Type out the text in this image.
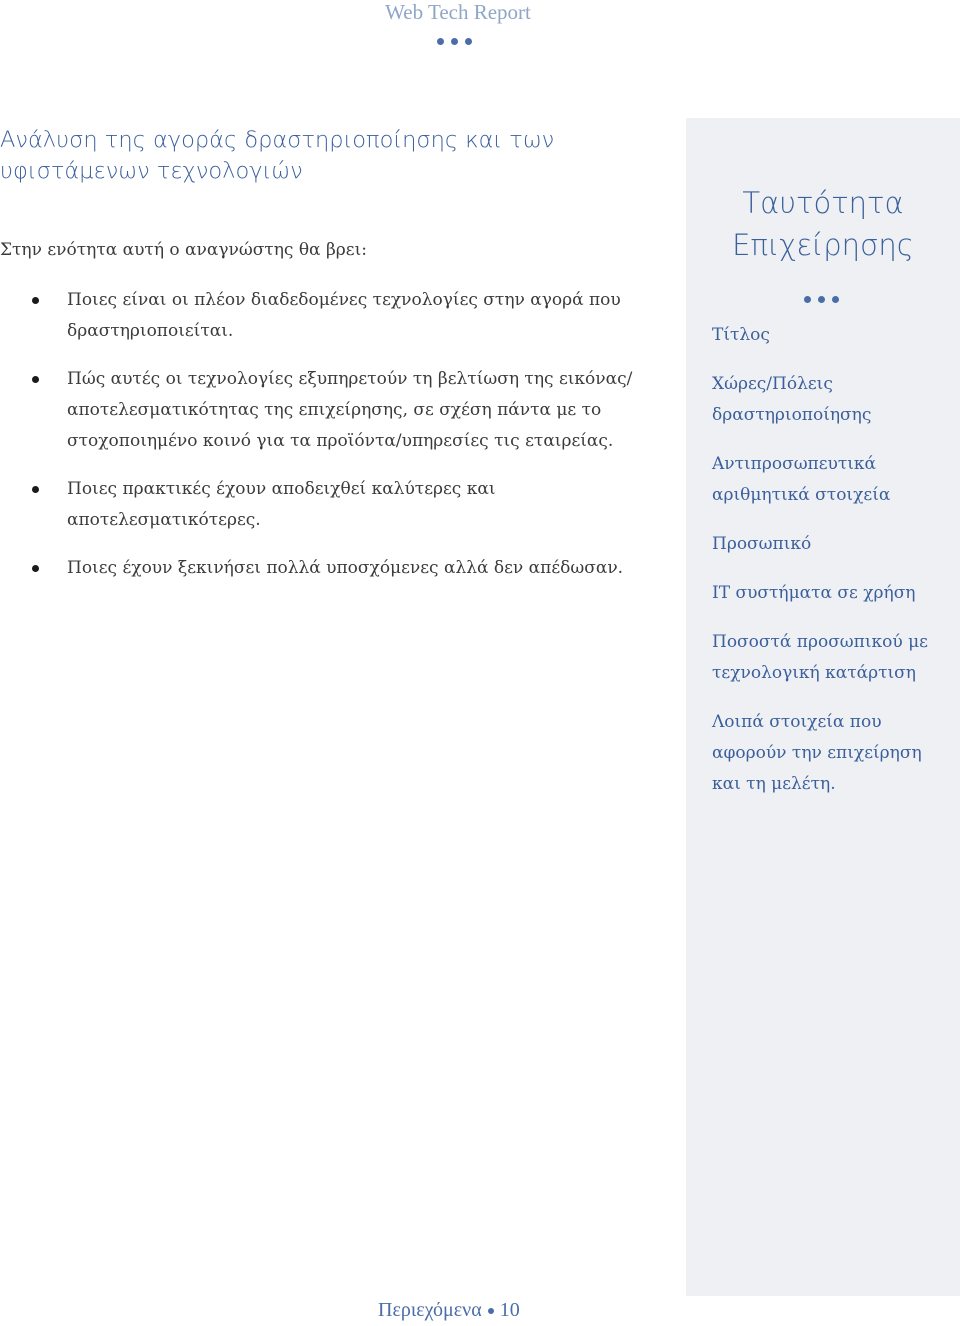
Web Tech Report
Ανάλυση της αγοράς δραστηριοποίησης και των υφιστάμενων τεχνολογιών

Στην ενότητα αυτή ο αναγνώστης θα βρει:

Ποιες είναι οι πλέον διαδεδομένες τεχνολογίες στην αγορά που δραστηριοποιείται.
Πώς αυτές οι τεχνολογίες εξυπηρετούν τη βελτίωση της εικόνας/αποτελεσματικότητας της επιχείρησης, σε σχέση πάντα με το στοχοποιημένο κοινό για τα προϊόντα/υπηρεσίες τις εταιρείας.
Ποιες πρακτικές έχουν αποδειχθεί καλύτερες και αποτελεσματικότερες.
Ποιες έχουν ξεκινήσει πολλά υποσχόμενες αλλά δεν απέδωσαν.
Ταυτότητα Επιχείρησης
Τίτλος
Χώρες/Πόλεις δραστηριοποίησης
Αντιπροσωπευτικά αριθμητικά στοιχεία
Προσωπικό
IT συστήματα σε χρήση
Ποσοστά προσωπικού με τεχνολογική κατάρτιση
Λοιπά στοιχεία που αφορούν την επιχείρηση και τη μελέτη.
Περιεχόμενα 10
